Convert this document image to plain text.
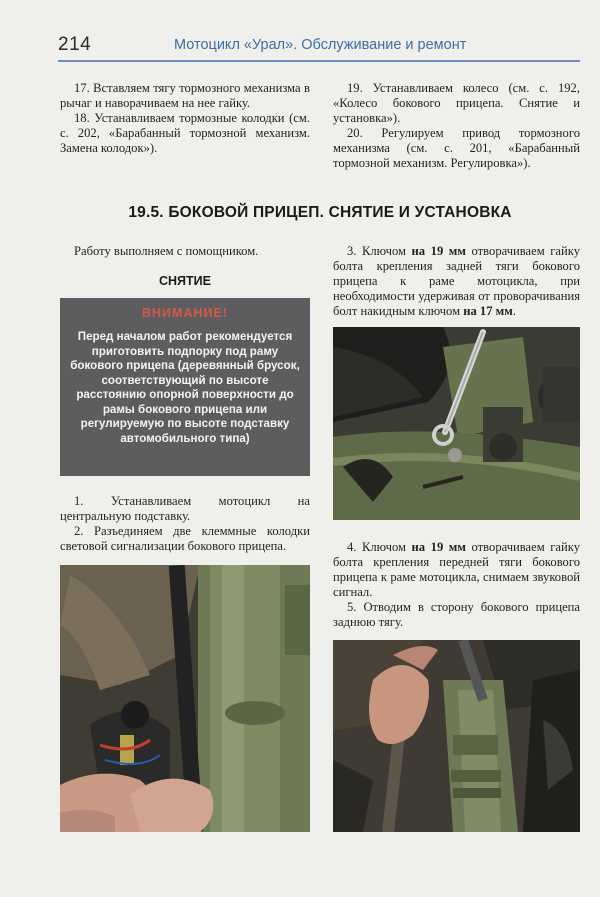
214	Мотоцикл «Урал». Обслуживание и ремонт

17. Вставляем тягу тормозного механизма в рычаг и наворачиваем на нее гайку.

18. Устанавливаем тормозные колодки (см. с. 202, «Барабанный тормозной механизм. Замена колодок»).

19. Устанавливаем колесо (см. с. 192, «Колесо бокового прицепа. Снятие и установка»).

20. Регулируем привод тормозного механизма (см. с. 201, «Барабанный тормозной механизм. Регулировка»).

19.5. БОКОВОЙ ПРИЦЕП. СНЯТИЕ И УСТАНОВКА

Работу выполняем с помощником.

СНЯТИЕ
ВНИМАНИЕ!
Перед началом работ рекомендуется приготовить подпорку под раму бокового прицепа (деревянный брусок, соответствующий по высоте расстоянию опорной поверхности до рамы бокового прицепа или регулируемую по высоте подставку автомобильного типа)

1. Устанавливаем мотоцикл на центральную подставку.

2. Разъединяем две клеммные колодки световой сигнализации бокового прицепа.

3. Ключом на 19 мм отворачиваем гайку болта крепления задней тяги бокового прицепа к раме мотоцикла, при необходимости удерживая от проворачивания болт накидным ключом на 17 мм.

4. Ключом на 19 мм отворачиваем гайку болта крепления передней тяги бокового прицепа к раме мотоцикла, снимаем звуковой сигнал.

5. Отводим в сторону бокового прицепа заднюю тягу.
